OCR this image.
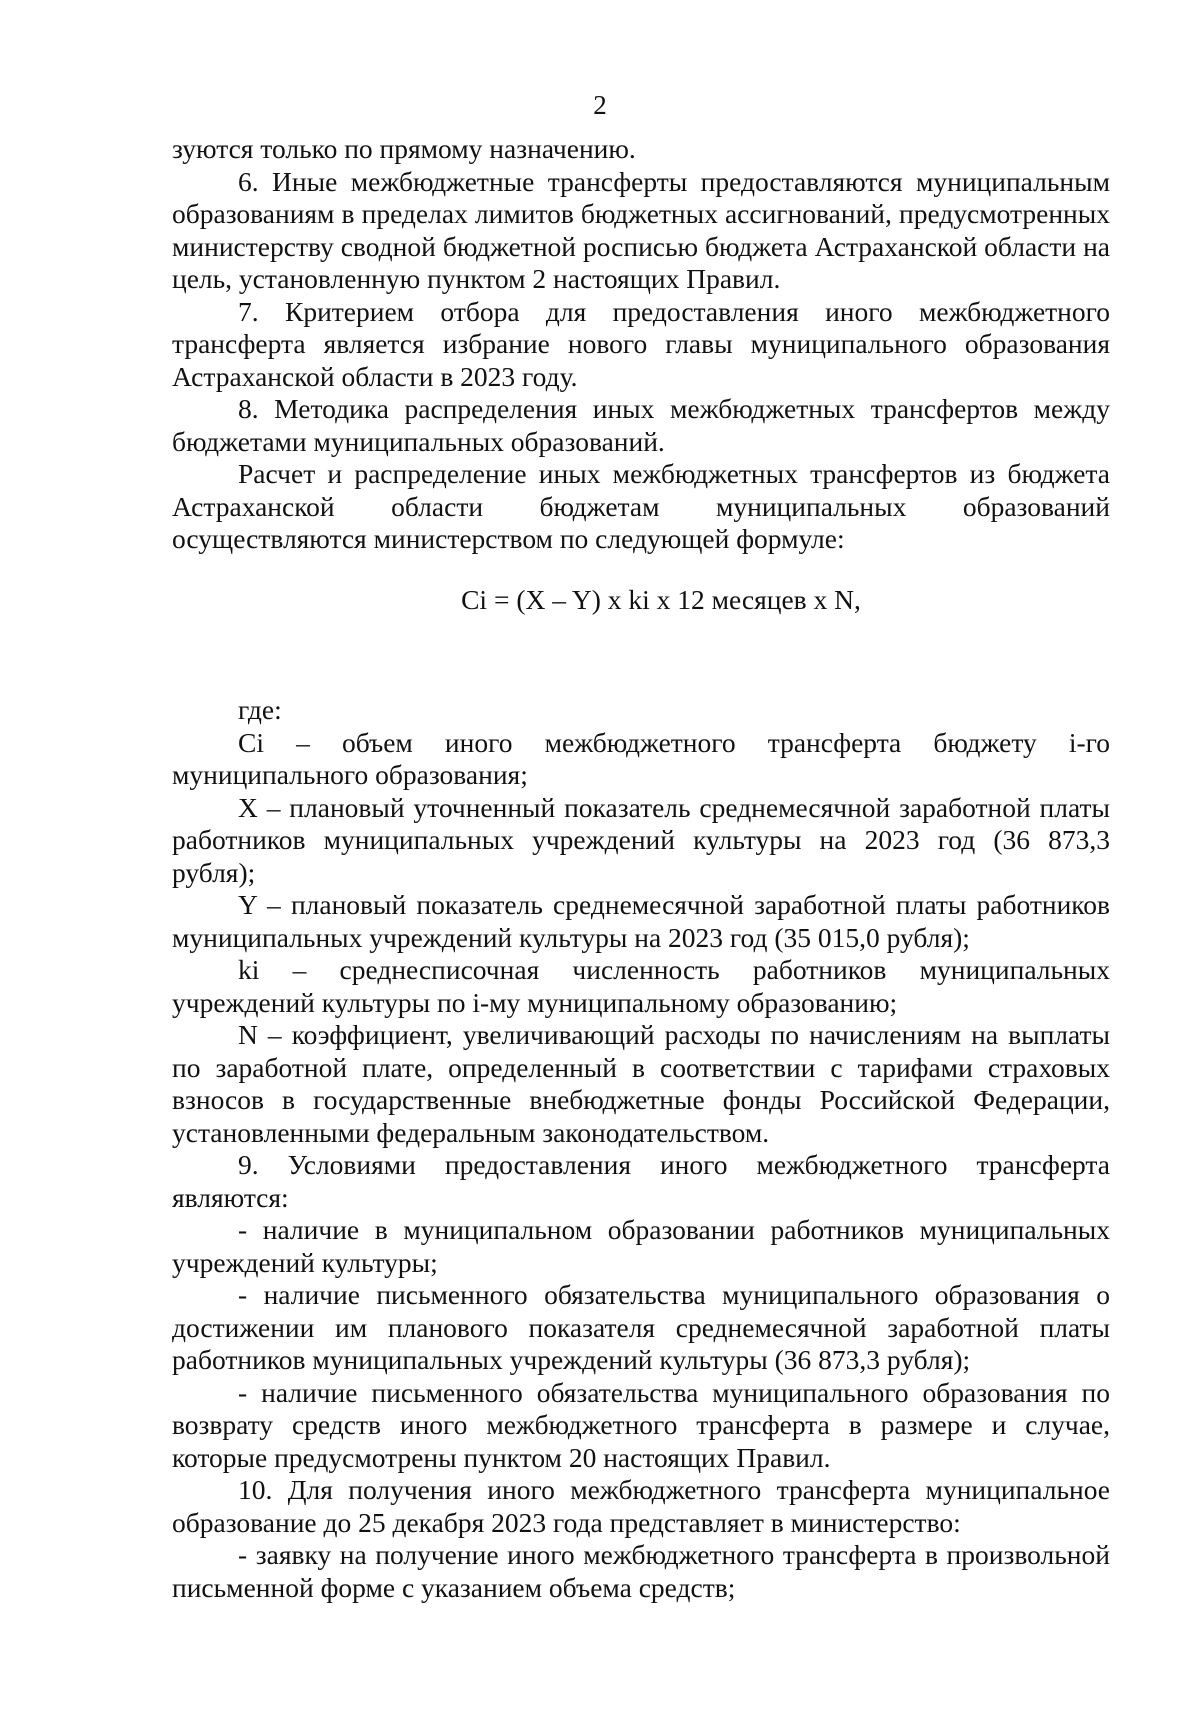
2

зуются только по прямому назначению.

6. Иные межбюджетные трансферты предоставляются муниципальным образованиям в пределах лимитов бюджетных ассигнований, предусмотренных министерству сводной бюджетной росписью бюджета Астраханской области на цель, установленную пунктом 2 настоящих Правил.

7. Критерием отбора для предоставления иного межбюджетного трансферта является избрание нового главы муниципального образования Астраханской области в 2023 году.

8. Методика распределения иных межбюджетных трансфертов между бюджетами муниципальных образований.

Расчет и распределение иных межбюджетных трансфертов из бюджета Астраханской области бюджетам муниципальных образований осуществляются министерством по следующей формуле:

Ci = (X – Y) x ki x 12 месяцев x N,

где:

Ci – объем иного межбюджетного трансферта бюджету i-го муниципального образования;

X – плановый уточненный показатель среднемесячной заработной платы работников муниципальных учреждений культуры на 2023 год (36 873,3 рубля);

Y – плановый показатель среднемесячной заработной платы работников муниципальных учреждений культуры на 2023 год (35 015,0 рубля);

ki – среднесписочная численность работников муниципальных учреждений культуры по i-му муниципальному образованию;

N – коэффициент, увеличивающий расходы по начислениям на выплаты по заработной плате, определенный в соответствии с тарифами страховых взносов в государственные внебюджетные фонды Российской Федерации, установленными федеральным законодательством.

9. Условиями предоставления иного межбюджетного трансферта являются:

- наличие в муниципальном образовании работников муниципальных учреждений культуры;

- наличие письменного обязательства муниципального образования о достижении им планового показателя среднемесячной заработной платы работников муниципальных учреждений культуры (36 873,3 рубля);

- наличие письменного обязательства муниципального образования по возврату средств иного межбюджетного трансферта в размере и случае, которые предусмотрены пунктом 20 настоящих Правил.

10. Для получения иного межбюджетного трансферта муниципальное образование до 25 декабря 2023 года представляет в министерство:

- заявку на получение иного межбюджетного трансферта в произвольной письменной форме с указанием объема средств;
